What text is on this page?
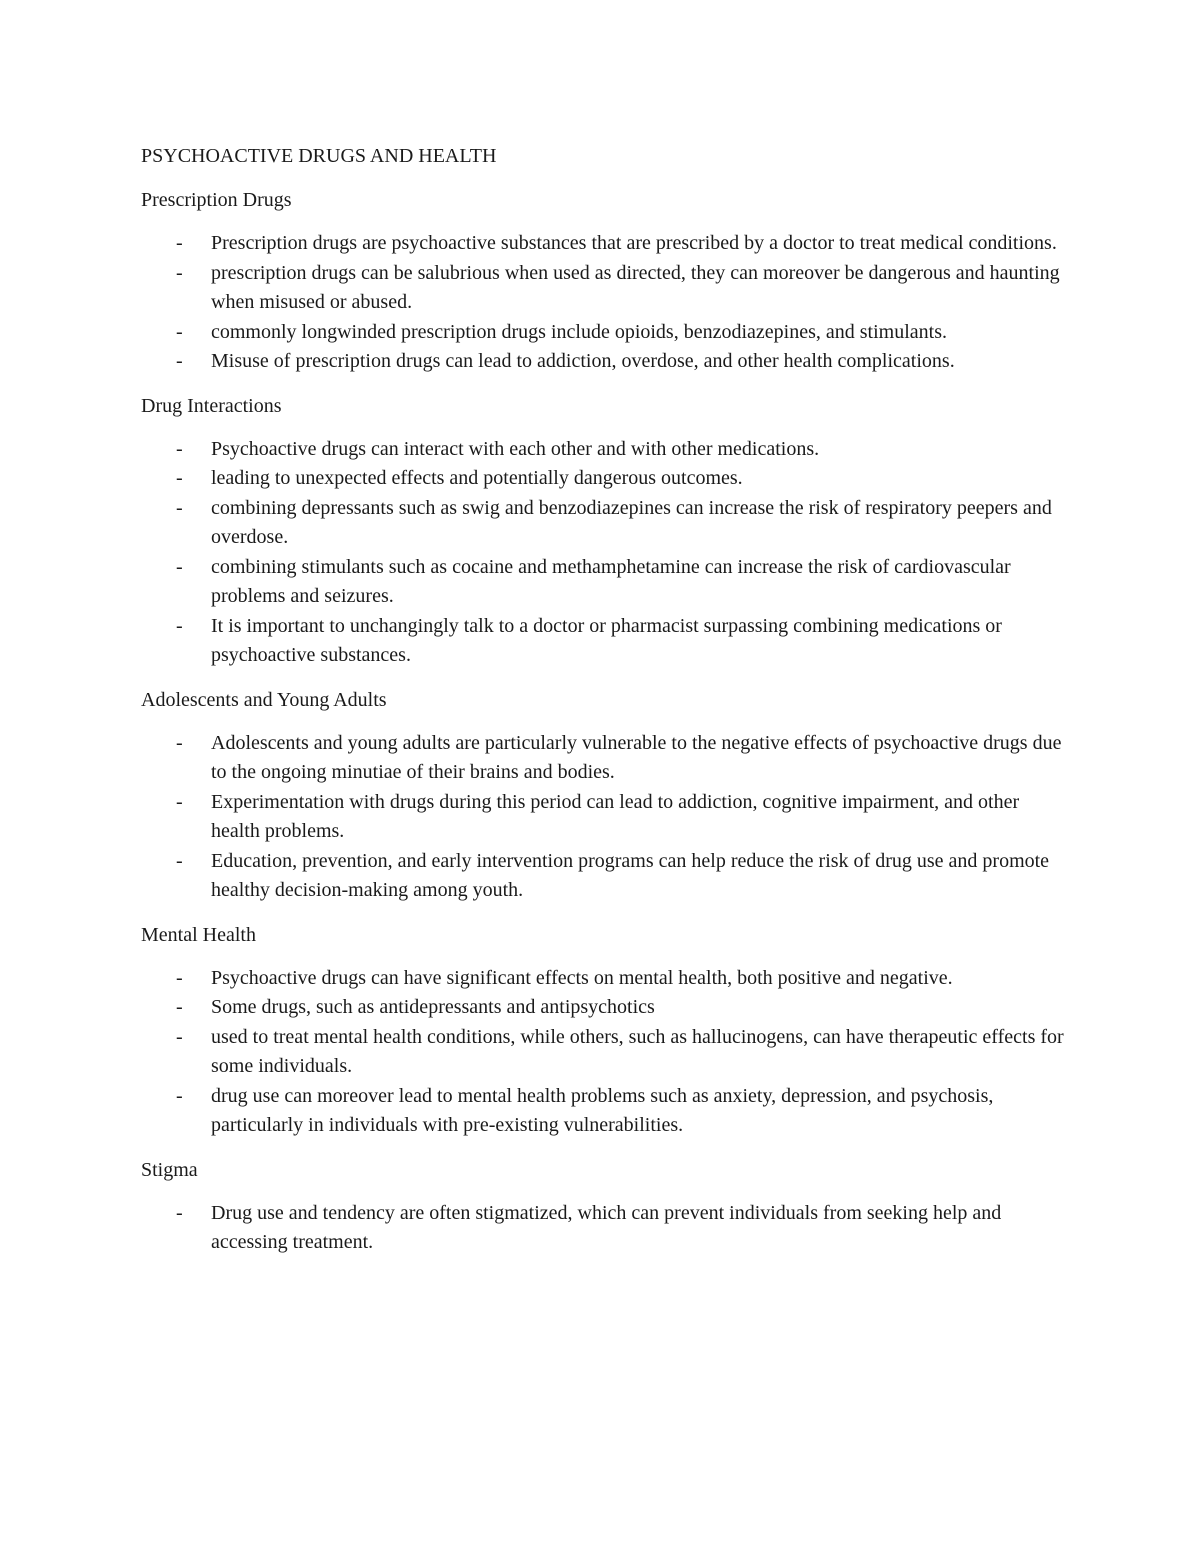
PSYCHOACTIVE DRUGS AND HEALTH
Prescription Drugs
- Prescription drugs are psychoactive substances that are prescribed by a doctor to treat medical conditions.
- prescription drugs can be salubrious when used as directed, they can moreover be dangerous and haunting when misused or abused.
- commonly longwinded prescription drugs include opioids, benzodiazepines, and stimulants.
- Misuse of prescription drugs can lead to addiction, overdose, and other health complications.
Drug Interactions
- Psychoactive drugs can interact with each other and with other medications.
- leading to unexpected effects and potentially dangerous outcomes.
- combining depressants such as swig and benzodiazepines can increase the risk of respiratory peepers and overdose.
- combining stimulants such as cocaine and methamphetamine can increase the risk of cardiovascular problems and seizures.
- It is important to unchangingly talk to a doctor or pharmacist surpassing combining medications or psychoactive substances.
Adolescents and Young Adults
- Adolescents and young adults are particularly vulnerable to the negative effects of psychoactive drugs due to the ongoing minutiae of their brains and bodies.
- Experimentation with drugs during this period can lead to addiction, cognitive impairment, and other health problems.
- Education, prevention, and early intervention programs can help reduce the risk of drug use and promote healthy decision-making among youth.
Mental Health
- Psychoactive drugs can have significant effects on mental health, both positive and negative.
- Some drugs, such as antidepressants and antipsychotics
- used to treat mental health conditions, while others, such as hallucinogens, can have therapeutic effects for some individuals.
- drug use can moreover lead to mental health problems such as anxiety, depression, and psychosis, particularly in individuals with pre-existing vulnerabilities.
Stigma
- Drug use and tendency are often stigmatized, which can prevent individuals from seeking help and accessing treatment.
